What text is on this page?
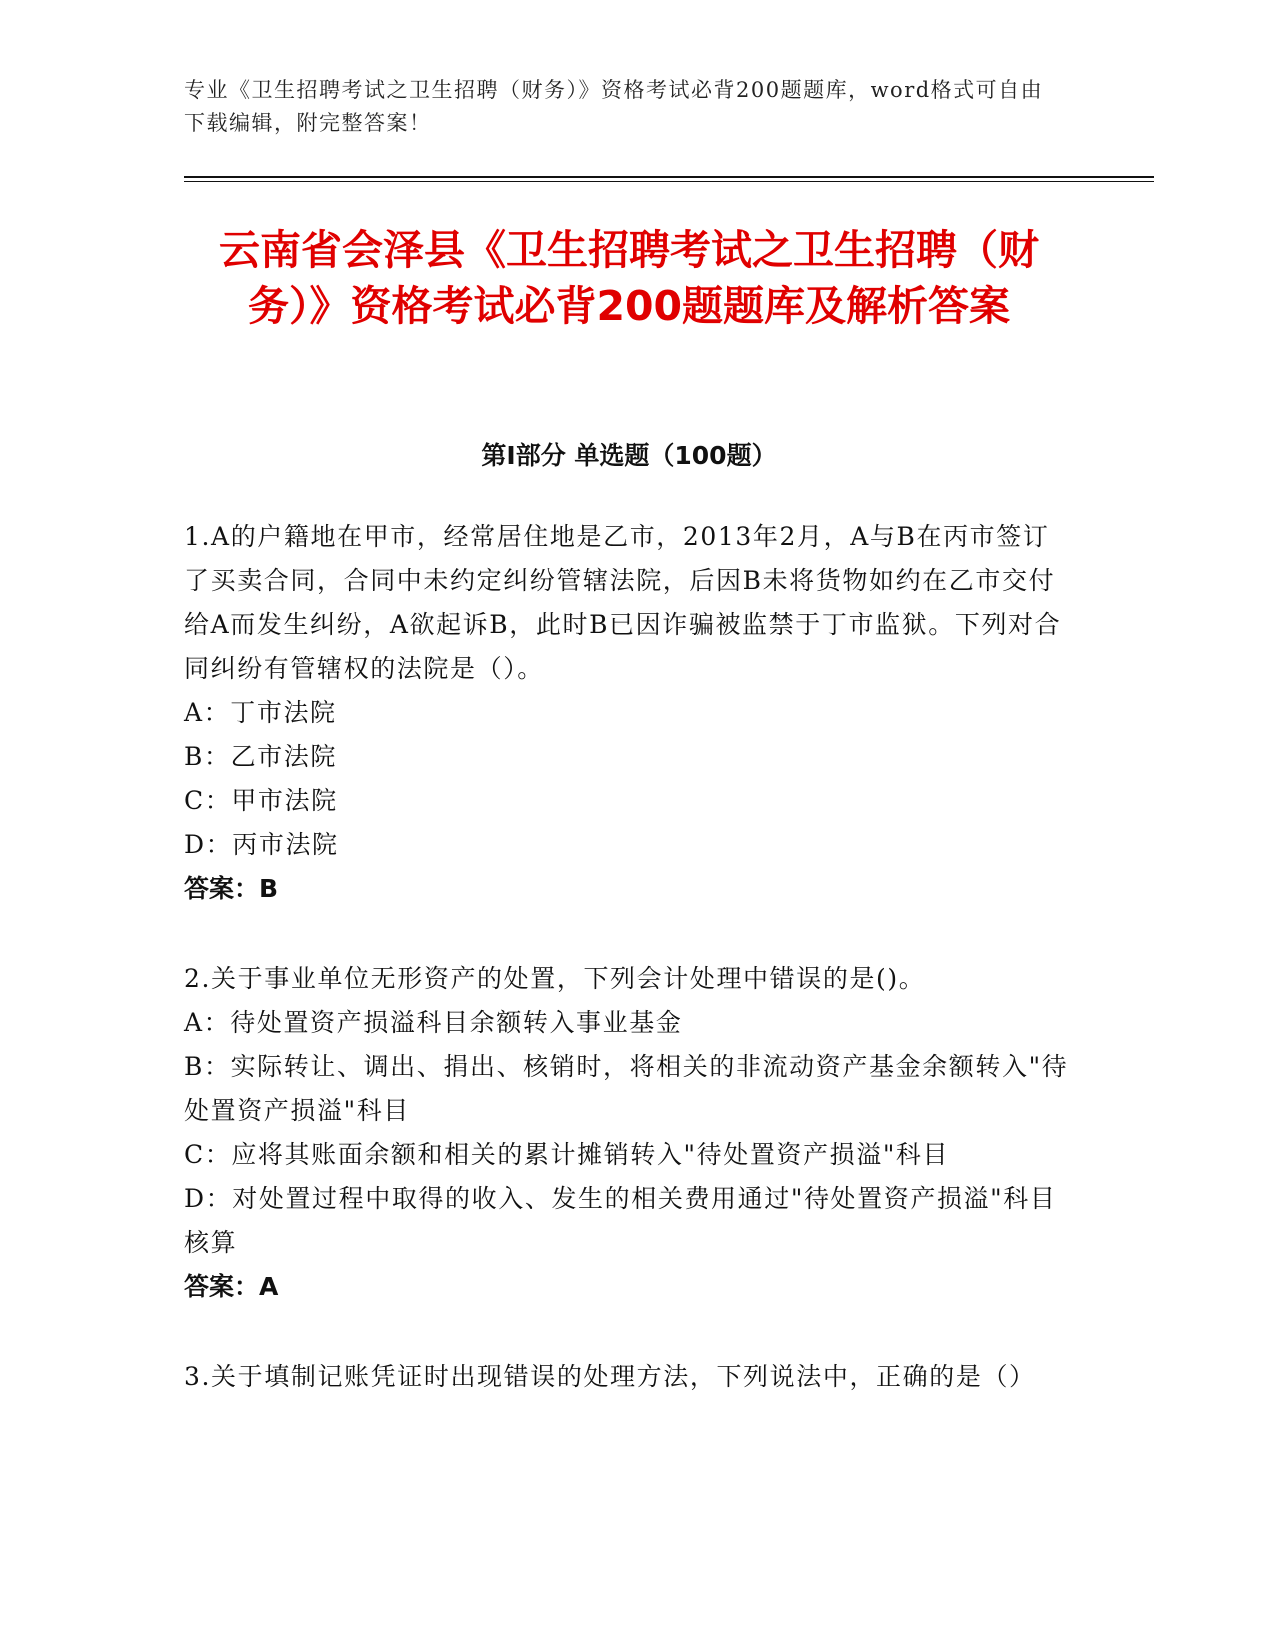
专业《卫生招聘考试之卫生招聘（财务）》资格考试必背200题题库，word格式可自由下载编辑，附完整答案！
云南省会泽县《卫生招聘考试之卫生招聘（财务）》资格考试必背200题题库及解析答案
第I部分 单选题（100题）
1.A的户籍地在甲市，经常居住地是乙市，2013年2月，A与B在丙市签订了买卖合同，合同中未约定纠纷管辖法院，后因B未将货物如约在乙市交付给A而发生纠纷，A欲起诉B，此时B已因诈骗被监禁于丁市监狱。下列对合同纠纷有管辖权的法院是（）。
A：丁市法院
B：乙市法院
C：甲市法院
D：丙市法院
答案：B
2.关于事业单位无形资产的处置，下列会计处理中错误的是()。
A：待处置资产损溢科目余额转入事业基金
B：实际转让、调出、捐出、核销时，将相关的非流动资产基金余额转入"待处置资产损溢"科目
C：应将其账面余额和相关的累计摊销转入"待处置资产损溢"科目
D：对处置过程中取得的收入、发生的相关费用通过"待处置资产损溢"科目核算
答案：A
3.关于填制记账凭证时出现错误的处理方法，下列说法中，正确的是（）
